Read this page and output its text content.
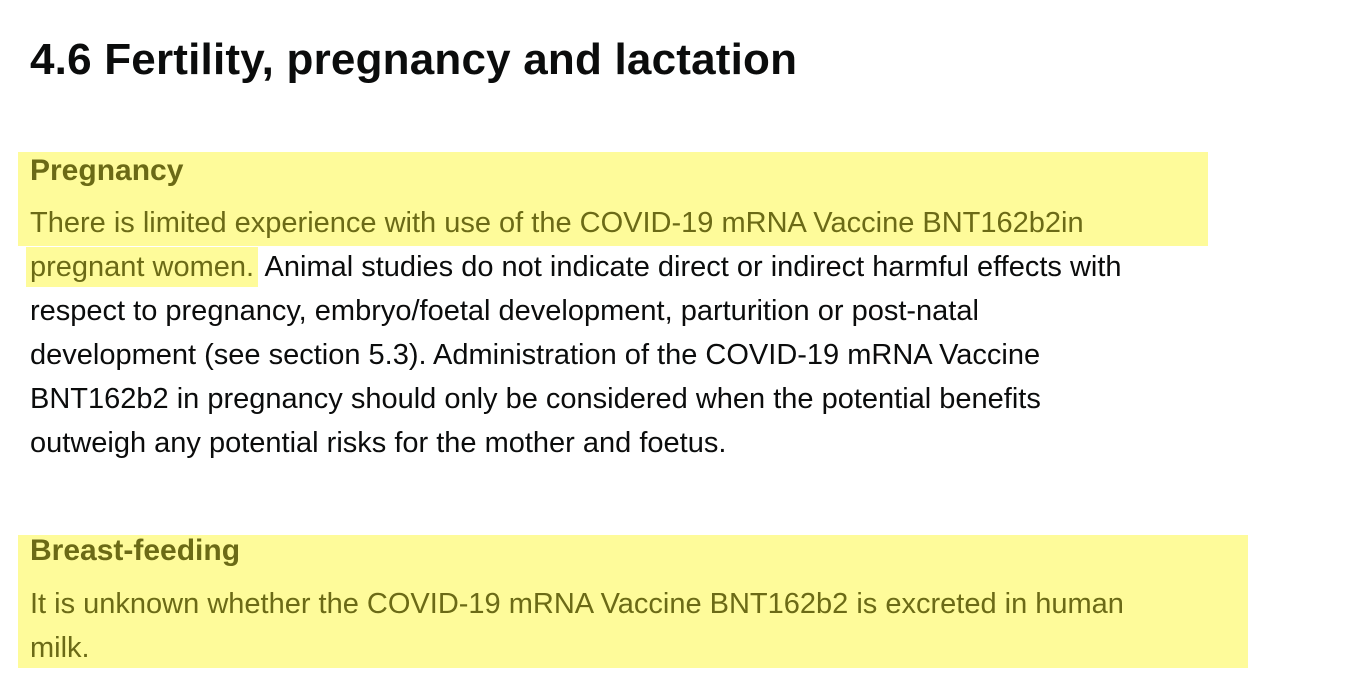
4.6 Fertility, pregnancy and lactation
Pregnancy
There is limited experience with use of the COVID-19 mRNA Vaccine BNT162b2in
pregnant women. Animal studies do not indicate direct or indirect harmful effects with
respect to pregnancy, embryo/foetal development, parturition or post-natal
development (see section 5.3). Administration of the COVID-19 mRNA Vaccine
BNT162b2 in pregnancy should only be considered when the potential benefits
outweigh any potential risks for the mother and foetus.
Breast-feeding
It is unknown whether the COVID-19 mRNA Vaccine BNT162b2 is excreted in human
milk.
